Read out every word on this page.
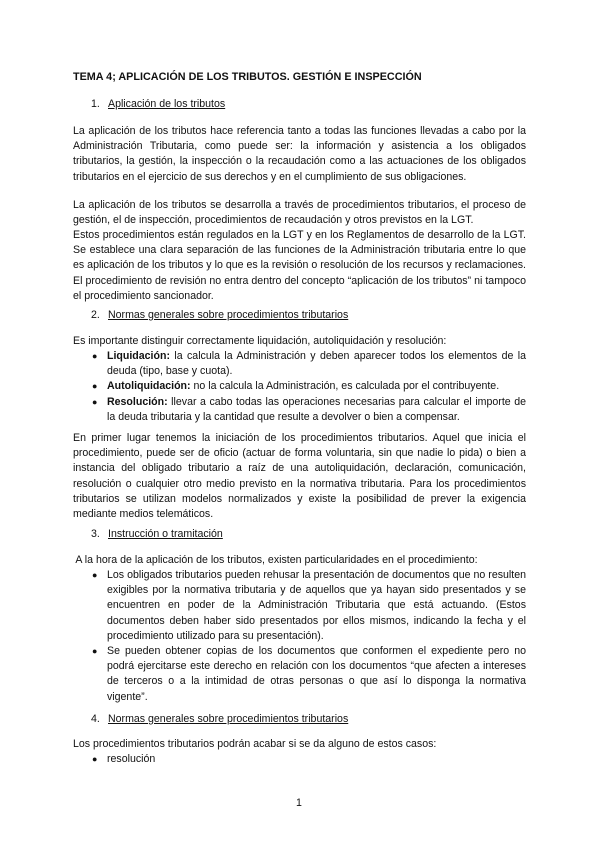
TEMA 4; APLICACIÓN DE LOS TRIBUTOS. GESTIÓN E INSPECCIÓN
1. Aplicación de los tributos

La aplicación de los tributos hace referencia tanto a todas las funciones llevadas a cabo por la Administración Tributaria, como puede ser: la información y asistencia a los obligados tributarios, la gestión, la inspección o la recaudación como a las actuaciones de los obligados tributarios en el ejercicio de sus derechos y en el cumplimiento de sus obligaciones.

La aplicación de los tributos se desarrolla a través de procedimientos tributarios, el proceso de gestión, el de inspección, procedimientos de recaudación y otros previstos en la LGT.

Estos procedimientos están regulados en la LGT y en los Reglamentos de desarrollo de la LGT. Se establece una clara separación de las funciones de la Administración tributaria entre lo que es aplicación de los tributos y lo que es la revisión o resolución de los recursos y reclamaciones. El procedimiento de revisión no entra dentro del concepto “aplicación de los tributos” ni tampoco el procedimiento sancionador.

2. Normas generales sobre procedimientos tributarios

Es importante distinguir correctamente liquidación, autoliquidación y resolución:

● Liquidación: la calcula la Administración y deben aparecer todos los elementos de la deuda (tipo, base y cuota).
● Autoliquidación: no la calcula la Administración, es calculada por el contribuyente.
● Resolución: llevar a cabo todas las operaciones necesarias para calcular el importe de la deuda tributaria y la cantidad que resulte a devolver o bien a compensar.

En primer lugar tenemos la iniciación de los procedimientos tributarios. Aquel que inicia el procedimiento, puede ser de oficio (actuar de forma voluntaria, sin que nadie lo pida) o bien a instancia del obligado tributario a raíz de una autoliquidación, declaración, comunicación, resolución o cualquier otro medio previsto en la normativa tributaria. Para los procedimientos tributarios se utilizan modelos normalizados y existe la posibilidad de prever la exigencia mediante medios telemáticos.

3. Instrucción o tramitación

A la hora de la aplicación de los tributos, existen particularidades en el procedimiento:

● Los obligados tributarios pueden rehusar la presentación de documentos que no resulten exigibles por la normativa tributaria y de aquellos que ya hayan sido presentados y se encuentren en poder de la Administración Tributaria que está actuando. (Estos documentos deben haber sido presentados por ellos mismos, indicando la fecha y el procedimiento utilizado para su presentación).
● Se pueden obtener copias de los documentos que conformen el expediente pero no podrá ejercitarse este derecho en relación con los documentos “que afecten a intereses de terceros o a la intimidad de otras personas o que así lo disponga la normativa vigente”.
4. Normas generales sobre procedimientos tributarios

Los procedimientos tributarios podrán acabar si se da alguno de estos casos:

● resolución
1
